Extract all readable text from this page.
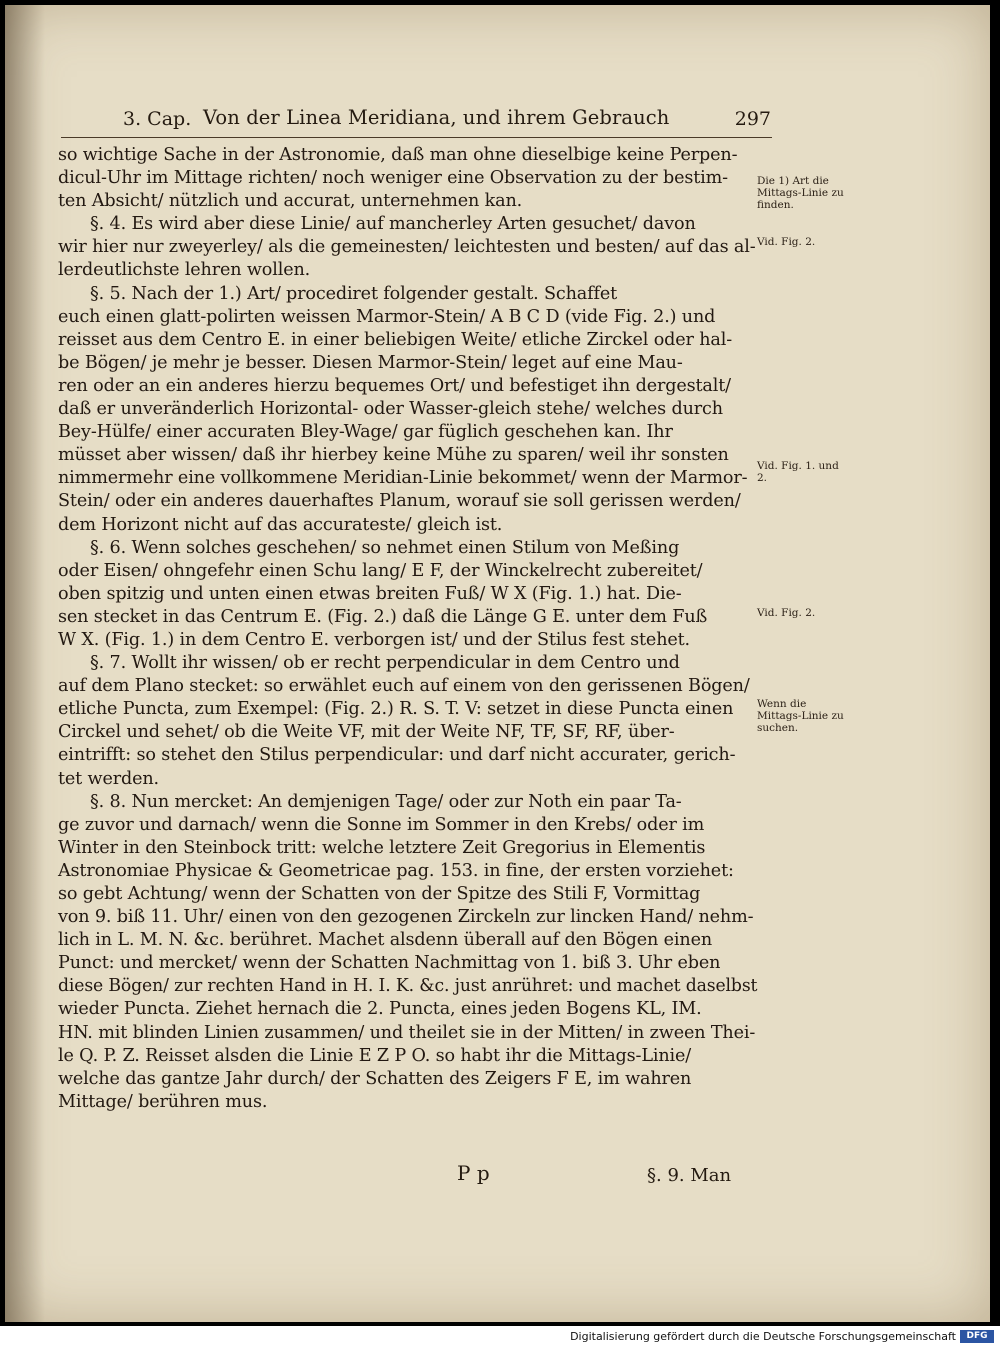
3. Cap. Von der Linea Meridiana, und ihrem Gebrauch	297
so wichtige Sache in der Astronomie, daß man ohne dieselbige keine Perpen-
dicul-Uhr im Mittage richten/ noch weniger eine Observation zu der bestim-
ten Absicht/ nützlich und accurat, unternehmen kan.
§. 4. Es wird aber diese Linie/ auf mancherley Arten gesuchet/ davon
wir hier nur zweyerley/ als die gemeinesten/ leichtesten und besten/ auf das al-
lerdeutlichste lehren wollen.
§. 5. Nach der 1.) Art/ procediret folgender gestalt. Schaffet
euch einen glatt-polirten weissen Marmor-Stein/ A B C D (vide Fig. 2.) und
reisset aus dem Centro E. in einer beliebigen Weite/ etliche Zirckel oder hal-
be Bögen/ je mehr je besser. Diesen Marmor-Stein/ leget auf eine Mau-
ren oder an ein anderes hierzu bequemes Ort/ und befestiget ihn dergestalt/
daß er unveränderlich Horizontal- oder Wasser-gleich stehe/ welches durch
Bey-Hülfe/ einer accuraten Bley-Wage/ gar füglich geschehen kan. Ihr
müsset aber wissen/ daß ihr hierbey keine Mühe zu sparen/ weil ihr sonsten
nimmermehr eine vollkommene Meridian-Linie bekommet/ wenn der Marmor-
Stein/ oder ein anderes dauerhaftes Planum, worauf sie soll gerissen werden/
dem Horizont nicht auf das accurateste/ gleich ist.
§. 6. Wenn solches geschehen/ so nehmet einen Stilum von Meßing
oder Eisen/ ohngefehr einen Schu lang/ E F, der Winckelrecht zubereitet/
oben spitzig und unten einen etwas breiten Fuß/ W X (Fig. 1.) hat. Die-
sen stecket in das Centrum E. (Fig. 2.) daß die Länge G E. unter dem Fuß
W X. (Fig. 1.) in dem Centro E. verborgen ist/ und der Stilus fest stehet.
§. 7. Wollt ihr wissen/ ob er recht perpendicular in dem Centro und
auf dem Plano stecket: so erwählet euch auf einem von den gerissenen Bögen/
etliche Puncta, zum Exempel: (Fig. 2.) R. S. T. V: setzet in diese Puncta einen
Circkel und sehet/ ob die Weite VF, mit der Weite NF, TF, SF, RF, über-
eintrifft: so stehet den Stilus perpendicular: und darf nicht accurater, gerich-
tet werden.
§. 8. Nun mercket: An demjenigen Tage/ oder zur Noth ein paar Ta-
ge zuvor und darnach/ wenn die Sonne im Sommer in den Krebs/ oder im
Winter in den Steinbock tritt: welche letztere Zeit Gregorius in Elementis
Astronomiae Physicae & Geometricae pag. 153. in fine, der ersten vorziehet:
so gebt Achtung/ wenn der Schatten von der Spitze des Stili F, Vormittag
von 9. biß 11. Uhr/ einen von den gezogenen Zirckeln zur lincken Hand/ nehm-
lich in L. M. N. &c. berühret. Machet alsdenn überall auf den Bögen einen
Punct: und mercket/ wenn der Schatten Nachmittag von 1. biß 3. Uhr eben
diese Bögen/ zur rechten Hand in H. I. K. &c. just anrühret: und machet daselbst
wieder Puncta. Ziehet hernach die 2. Puncta, eines jeden Bogens KL, IM.
HN. mit blinden Linien zusammen/ und theilet sie in der Mitten/ in zween Thei-
le Q. P. Z. Reisset alsden die Linie E Z P O. so habt ihr die Mittags-Linie/
welche das gantze Jahr durch/ der Schatten des Zeigers F E, im wahren
Mittage/ berühren mus.
Die 1) Art die Mittags-Linie zu finden.
Vid. Fig. 2.
Vid. Fig. 1. und 2.
Vid. Fig. 2.
Wenn die Mittags-Linie zu suchen.
P p	§. 9. Man
Digitalisierung gefördert durch die Deutsche Forschungsgemeinschaft	DFG
